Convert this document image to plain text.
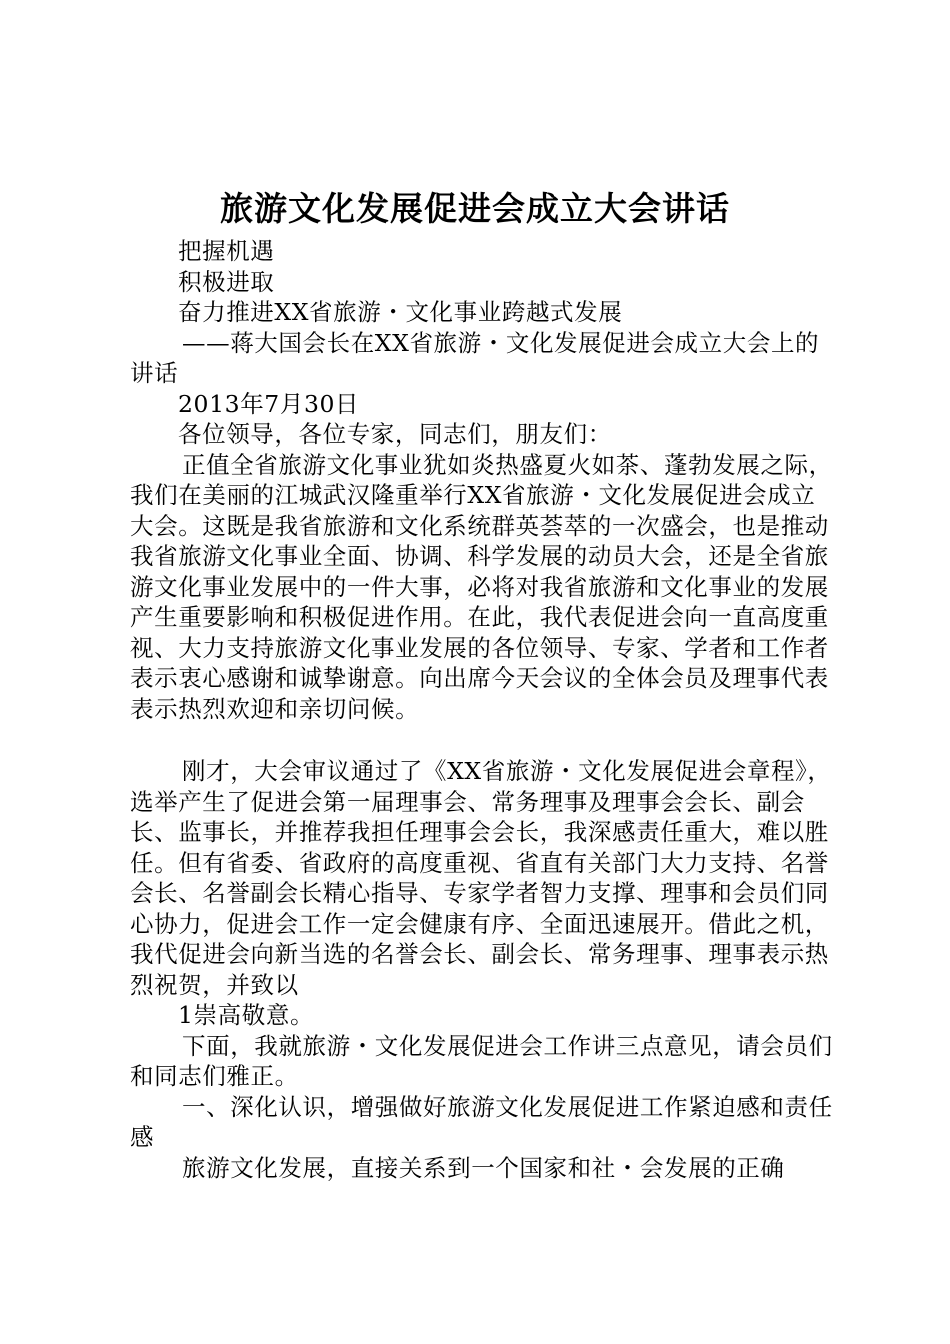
旅游文化发展促进会成立大会讲话

把握机遇

积极进取

奋力推进XX省旅游・文化事业跨越式发展

——蒋大国会长在XX省旅游・文化发展促进会成立大会上的讲话

2013年7月30日

各位领导，各位专家，同志们，朋友们：

正值全省旅游文化事业犹如炎热盛夏火如茶、蓬勃发展之际，我们在美丽的江城武汉隆重举行XX省旅游・文化发展促进会成立大会。这既是我省旅游和文化系统群英荟萃的一次盛会，也是推动我省旅游文化事业全面、协调、科学发展的动员大会，还是全省旅游文化事业发展中的一件大事，必将对我省旅游和文化事业的发展产生重要影响和积极促进作用。在此，我代表促进会向一直高度重视、大力支持旅游文化事业发展的各位领导、专家、学者和工作者表示衷心感谢和诚挚谢意。向出席今天会议的全体会员及理事代表表示热烈欢迎和亲切问候。

刚才，大会审议通过了《XX省旅游・文化发展促进会章程》，选举产生了促进会第一届理事会、常务理事及理事会会长、副会长、监事长，并推荐我担任理事会会长，我深感责任重大，难以胜任。但有省委、省政府的高度重视、省直有关部门大力支持、名誉会长、名誉副会长精心指导、专家学者智力支撑、理事和会员们同心协力，促进会工作一定会健康有序、全面迅速展开。借此之机，我代促进会向新当选的名誉会长、副会长、常务理事、理事表示热烈祝贺，并致以

1崇高敬意。

下面，我就旅游・文化发展促进会工作讲三点意见，请会员们和同志们雅正。

一、深化认识，增强做好旅游文化发展促进工作紧迫感和责任感

旅游文化发展，直接关系到一个国家和社・会发展的正确
